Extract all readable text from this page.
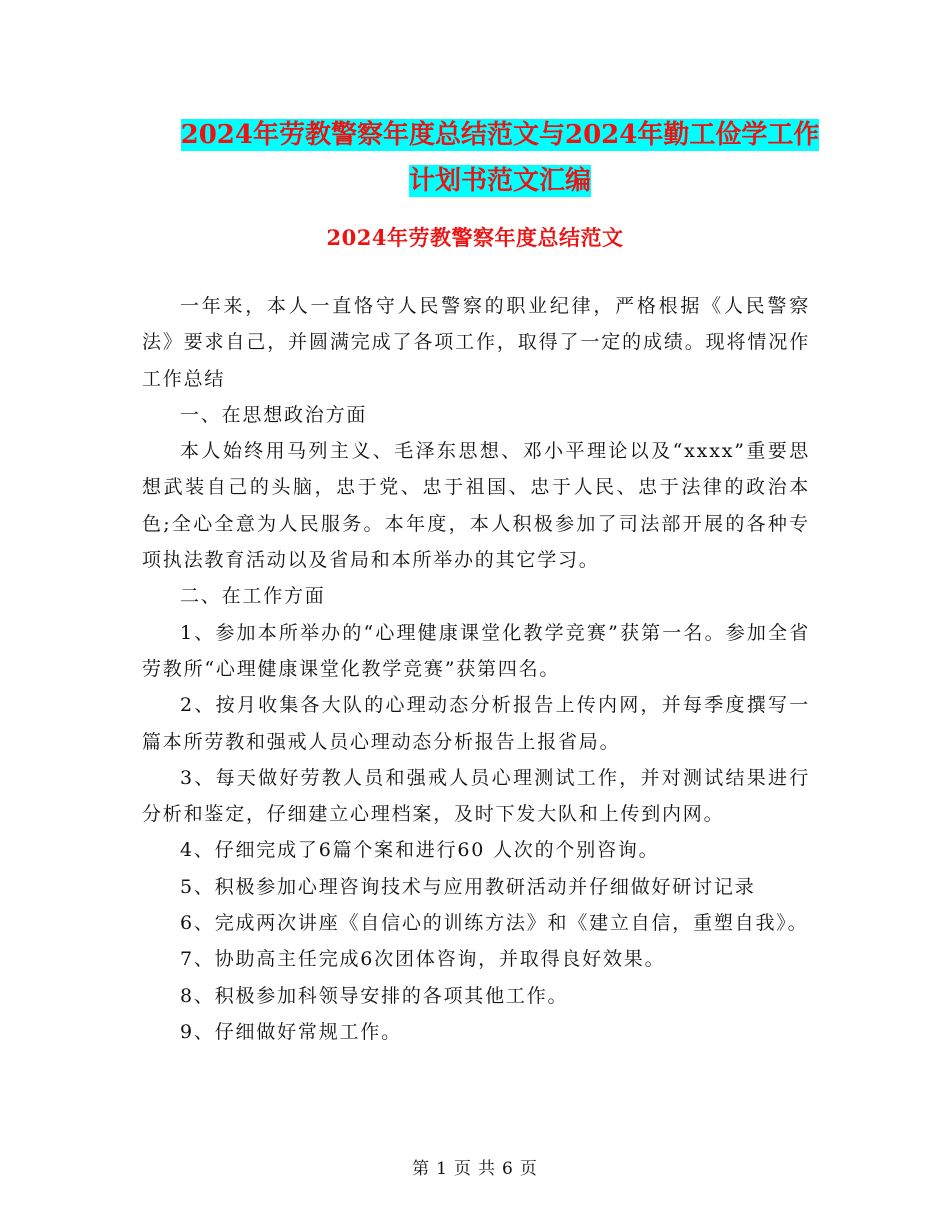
2024年劳教警察年度总结范文与2024年勤工俭学工作
计划书范文汇编
2024年劳教警察年度总结范文

一年来，本人一直恪守人民警察的职业纪律，严格根据《人民警察法》要求自己，并圆满完成了各项工作，取得了一定的成绩。现将情况作工作总结

一、在思想政治方面

本人始终用马列主义、毛泽东思想、邓小平理论以及“xxxx”重要思想武装自己的头脑，忠于党、忠于祖国、忠于人民、忠于法律的政治本色;全心全意为人民服务。本年度，本人积极参加了司法部开展的各种专项执法教育活动以及省局和本所举办的其它学习。

二、在工作方面

1、参加本所举办的“心理健康课堂化教学竞赛”获第一名。参加全省劳教所“心理健康课堂化教学竞赛”获第四名。

2、按月收集各大队的心理动态分析报告上传内网，并每季度撰写一篇本所劳教和强戒人员心理动态分析报告上报省局。

3、每天做好劳教人员和强戒人员心理测试工作，并对测试结果进行分析和鉴定，仔细建立心理档案，及时下发大队和上传到内网。

4、仔细完成了6篇个案和进行60 人次的个别咨询。

5、积极参加心理咨询技术与应用教研活动并仔细做好研讨记录

6、完成两次讲座《自信心的训练方法》和《建立自信，重塑自我》。

7、协助高主任完成6次团体咨询，并取得良好效果。

8、积极参加科领导安排的各项其他工作。

9、仔细做好常规工作。

第 1 页 共 6 页
